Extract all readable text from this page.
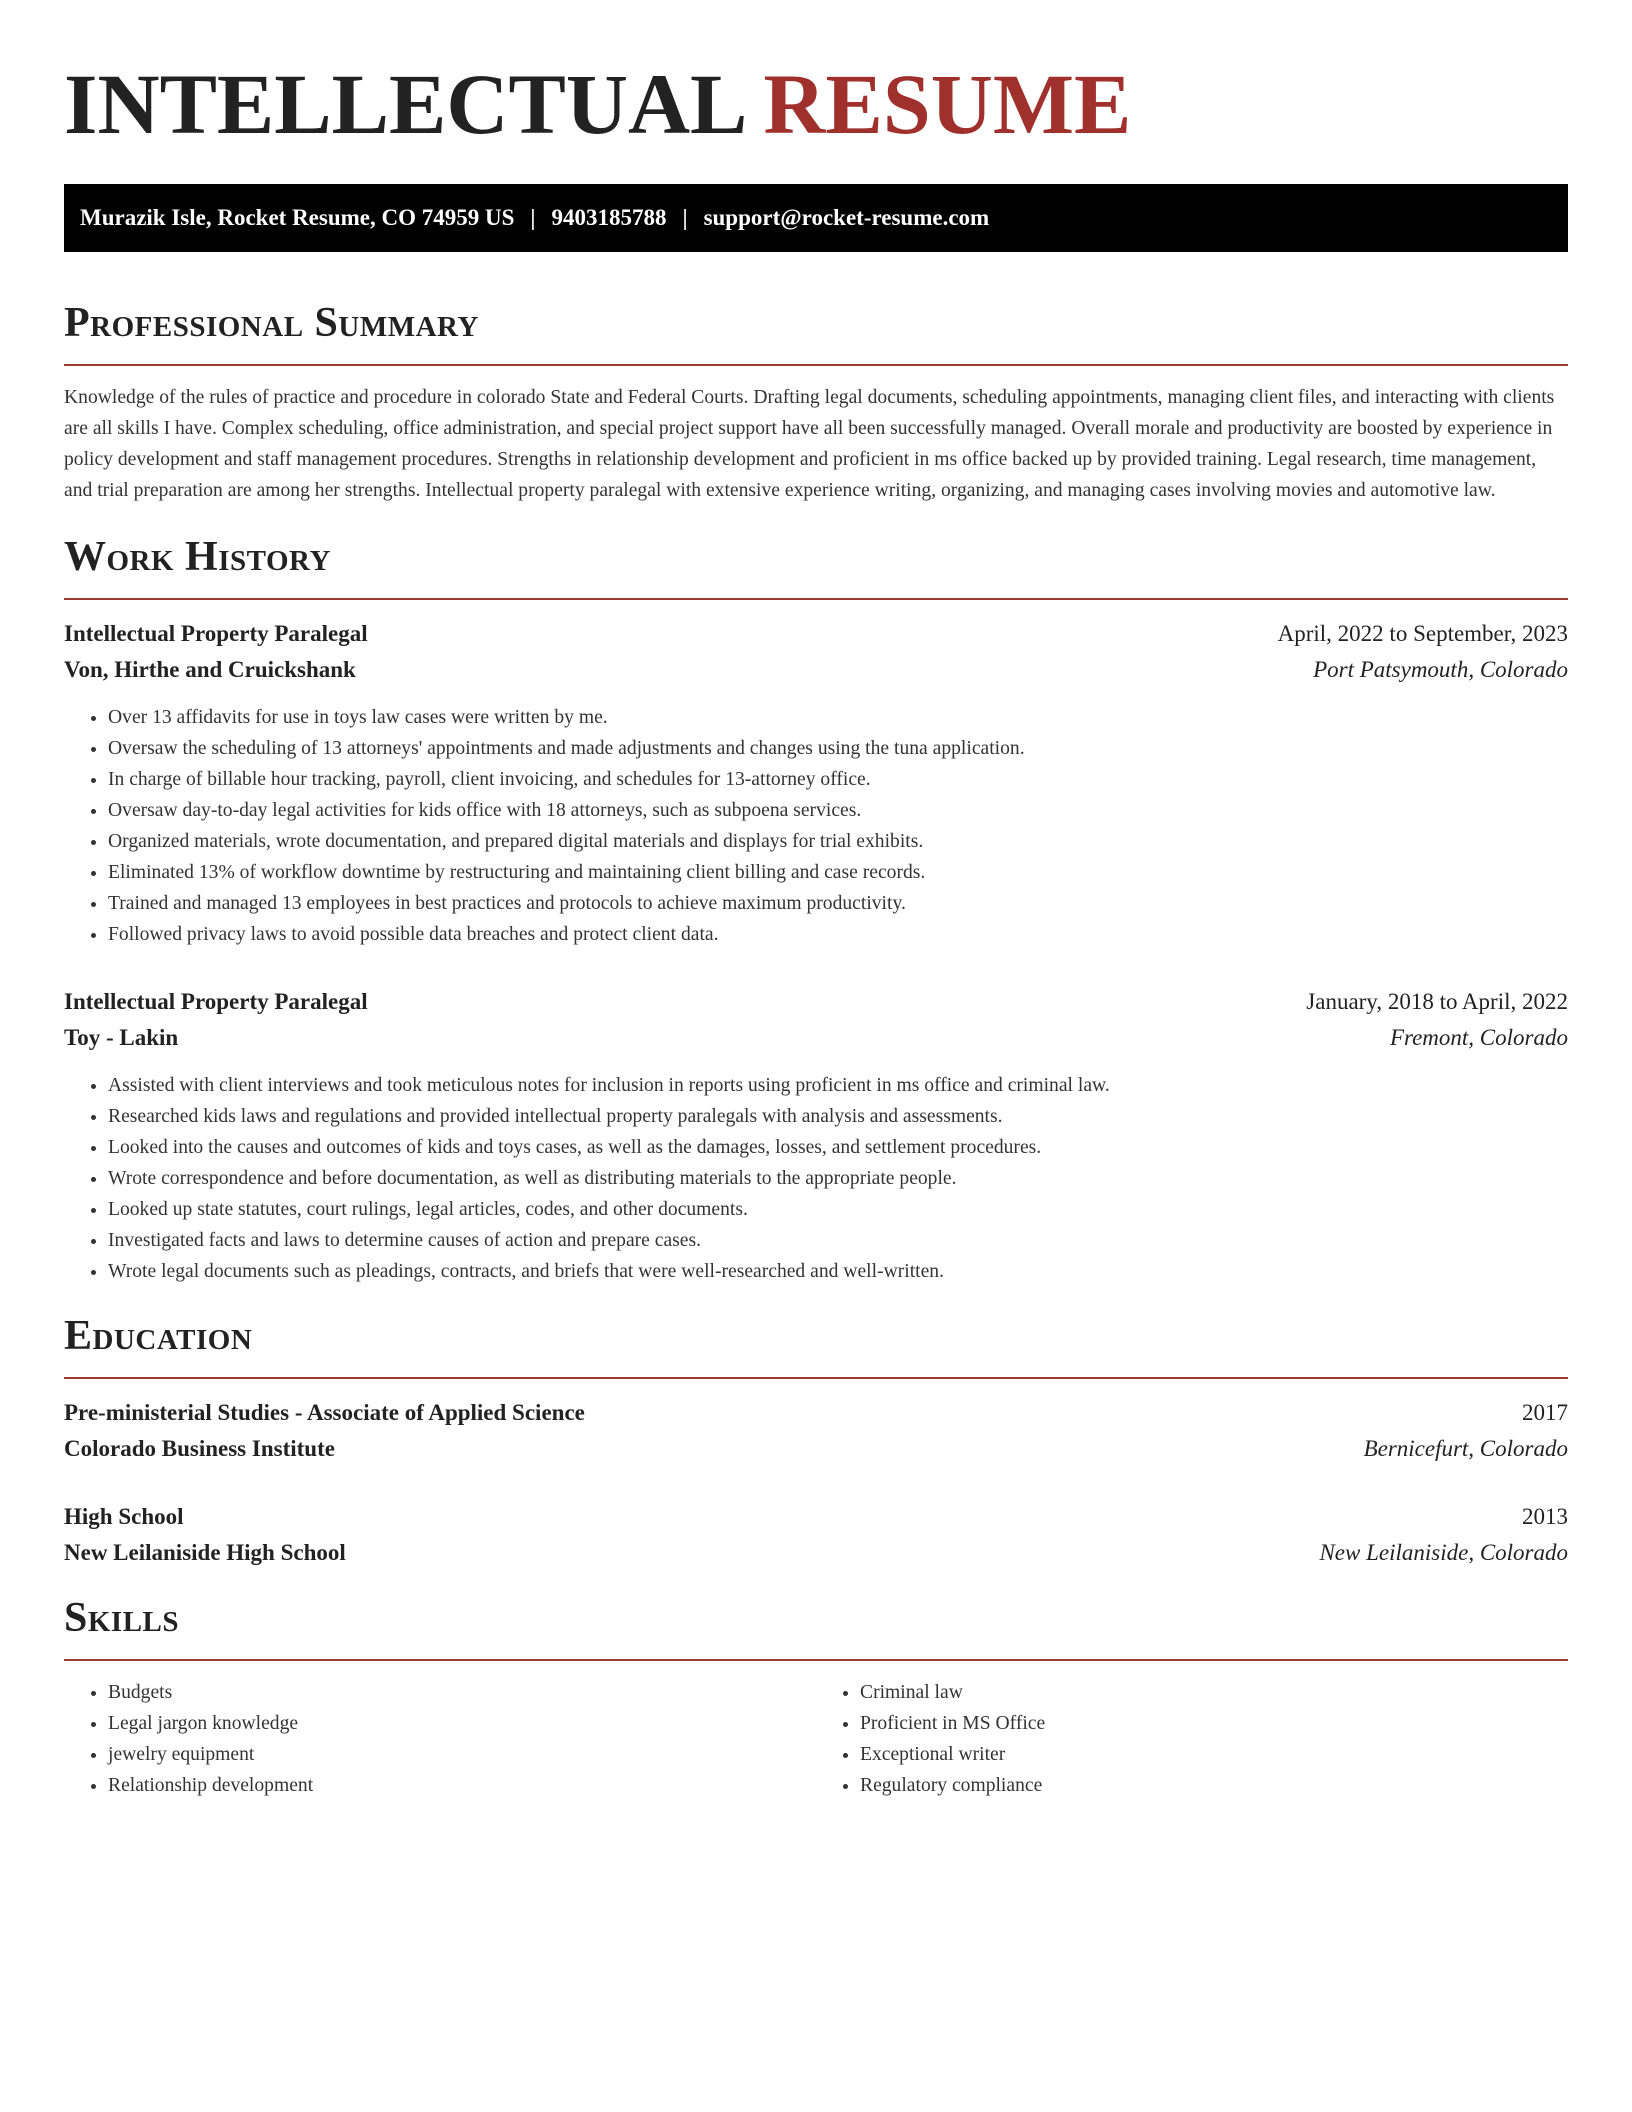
INTELLECTUAL RESUME
Murazik Isle, Rocket Resume, CO 74959 US | 9403185788 | support@rocket-resume.com
Professional Summary

Knowledge of the rules of practice and procedure in colorado State and Federal Courts. Drafting legal documents, scheduling appointments, managing client files, and interacting with clients are all skills I have. Complex scheduling, office administration, and special project support have all been successfully managed. Overall morale and productivity are boosted by experience in policy development and staff management procedures. Strengths in relationship development and proficient in ms office backed up by provided training. Legal research, time management, and trial preparation are among her strengths. Intellectual property paralegal with extensive experience writing, organizing, and managing cases involving movies and automotive law.

Work History
Intellectual Property Paralegal	April, 2022 to September, 2023
Von, Hirthe and Cruickshank	Port Patsymouth, Colorado
• Over 13 affidavits for use in toys law cases were written by me.
• Oversaw the scheduling of 13 attorneys' appointments and made adjustments and changes using the tuna application.
• In charge of billable hour tracking, payroll, client invoicing, and schedules for 13-attorney office.
• Oversaw day-to-day legal activities for kids office with 18 attorneys, such as subpoena services.
• Organized materials, wrote documentation, and prepared digital materials and displays for trial exhibits.
• Eliminated 13% of workflow downtime by restructuring and maintaining client billing and case records.
• Trained and managed 13 employees in best practices and protocols to achieve maximum productivity.
• Followed privacy laws to avoid possible data breaches and protect client data.
Intellectual Property Paralegal	January, 2018 to April, 2022
Toy - Lakin	Fremont, Colorado
• Assisted with client interviews and took meticulous notes for inclusion in reports using proficient in ms office and criminal law.
• Researched kids laws and regulations and provided intellectual property paralegals with analysis and assessments.
• Looked into the causes and outcomes of kids and toys cases, as well as the damages, losses, and settlement procedures.
• Wrote correspondence and before documentation, as well as distributing materials to the appropriate people.
• Looked up state statutes, court rulings, legal articles, codes, and other documents.
• Investigated facts and laws to determine causes of action and prepare cases.
• Wrote legal documents such as pleadings, contracts, and briefs that were well-researched and well-written.
Education
Pre-ministerial Studies - Associate of Applied Science	2017
Colorado Business Institute	Bernicefurt, Colorado
High School	2013
New Leilaniside High School	New Leilaniside, Colorado
Skills
• Budgets
• Legal jargon knowledge
• jewelry equipment
• Relationship development
• Criminal law
• Proficient in MS Office
• Exceptional writer
• Regulatory compliance
